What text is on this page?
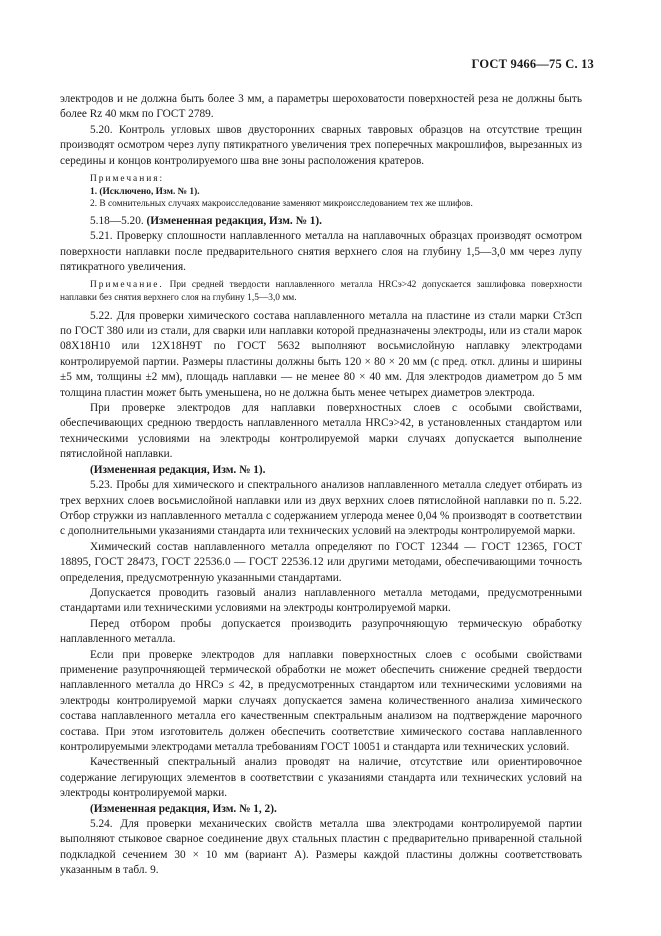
ГОСТ 9466—75 С. 13

электродов и не должна быть более 3 мм, а параметры шероховатости поверхностей реза не должны быть более Rz 40 мкм по ГОСТ 2789.

5.20. Контроль угловых швов двусторонних сварных тавровых образцов на отсутствие трещин производят осмотром через лупу пятикратного увеличения трех поперечных макрошлифов, вырезанных из середины и концов контролируемого шва вне зоны расположения кратеров.

Примечания:

1. (Исключено, Изм. № 1).

2. В сомнительных случаях макроисследование заменяют микроисследованием тех же шлифов.

5.18—5.20. (Измененная редакция, Изм. № 1).

5.21. Проверку сплошности наплавленного металла на наплавочных образцах производят осмотром поверхности наплавки после предварительного снятия верхнего слоя на глубину 1,5—3,0 мм через лупу пятикратного увеличения.

Примечание. При средней твердости наплавленного металла HRCэ>42 допускается зашлифовка поверхности наплавки без снятия верхнего слоя на глубину 1,5—3,0 мм.

5.22. Для проверки химического состава наплавленного металла на пластине из стали марки Ст3сп по ГОСТ 380 или из стали, для сварки или наплавки которой предназначены электроды, или из стали марок 08Х18Н10 или 12Х18Н9Т по ГОСТ 5632 выполняют восьмислойную наплавку электродами контролируемой партии. Размеры пластины должны быть 120 × 80 × 20 мм (с пред. откл. длины и ширины ±5 мм, толщины ±2 мм), площадь наплавки — не менее 80 × 40 мм. Для электродов диаметром до 5 мм толщина пластин может быть уменьшена, но не должна быть менее четырех диаметров электрода.

При проверке электродов для наплавки поверхностных слоев с особыми свойствами, обеспечивающих среднюю твердость наплавленного металла HRCэ>42, в установленных стандартом или техническими условиями на электроды контролируемой марки случаях допускается выполнение пятислойной наплавки.

(Измененная редакция, Изм. № 1).

5.23. Пробы для химического и спектрального анализов наплавленного металла следует отбирать из трех верхних слоев восьмислойной наплавки или из двух верхних слоев пятислойной наплавки по п. 5.22. Отбор стружки из наплавленного металла с содержанием углерода менее 0,04 % производят в соответствии с дополнительными указаниями стандарта или технических условий на электроды контролируемой марки.

Химический состав наплавленного металла определяют по ГОСТ 12344 — ГОСТ 12365, ГОСТ 18895, ГОСТ 28473, ГОСТ 22536.0 — ГОСТ 22536.12 или другими методами, обеспечивающими точность определения, предусмотренную указанными стандартами.

Допускается проводить газовый анализ наплавленного металла методами, предусмотренными стандартами или техническими условиями на электроды контролируемой марки.

Перед отбором пробы допускается производить разупрочняющую термическую обработку наплавленного металла.

Если при проверке электродов для наплавки поверхностных слоев с особыми свойствами применение разупрочняющей термической обработки не может обеспечить снижение средней твердости наплавленного металла до HRCэ ≤ 42, в предусмотренных стандартом или техническими условиями на электроды контролируемой марки случаях допускается замена количественного анализа химического состава наплавленного металла его качественным спектральным анализом на подтверждение марочного состава. При этом изготовитель должен обеспечить соответствие химического состава наплавленного контролируемыми электродами металла требованиям ГОСТ 10051 и стандарта или технических условий.

Качественный спектральный анализ проводят на наличие, отсутствие или ориентировочное содержание легирующих элементов в соответствии с указаниями стандарта или технических условий на электроды контролируемой марки.

(Измененная редакция, Изм. № 1, 2).

5.24. Для проверки механических свойств металла шва электродами контролируемой партии выполняют стыковое сварное соединение двух стальных пластин с предварительно приваренной стальной подкладкой сечением 30 × 10 мм (вариант А). Размеры каждой пластины должны соответствовать указанным в табл. 9.
